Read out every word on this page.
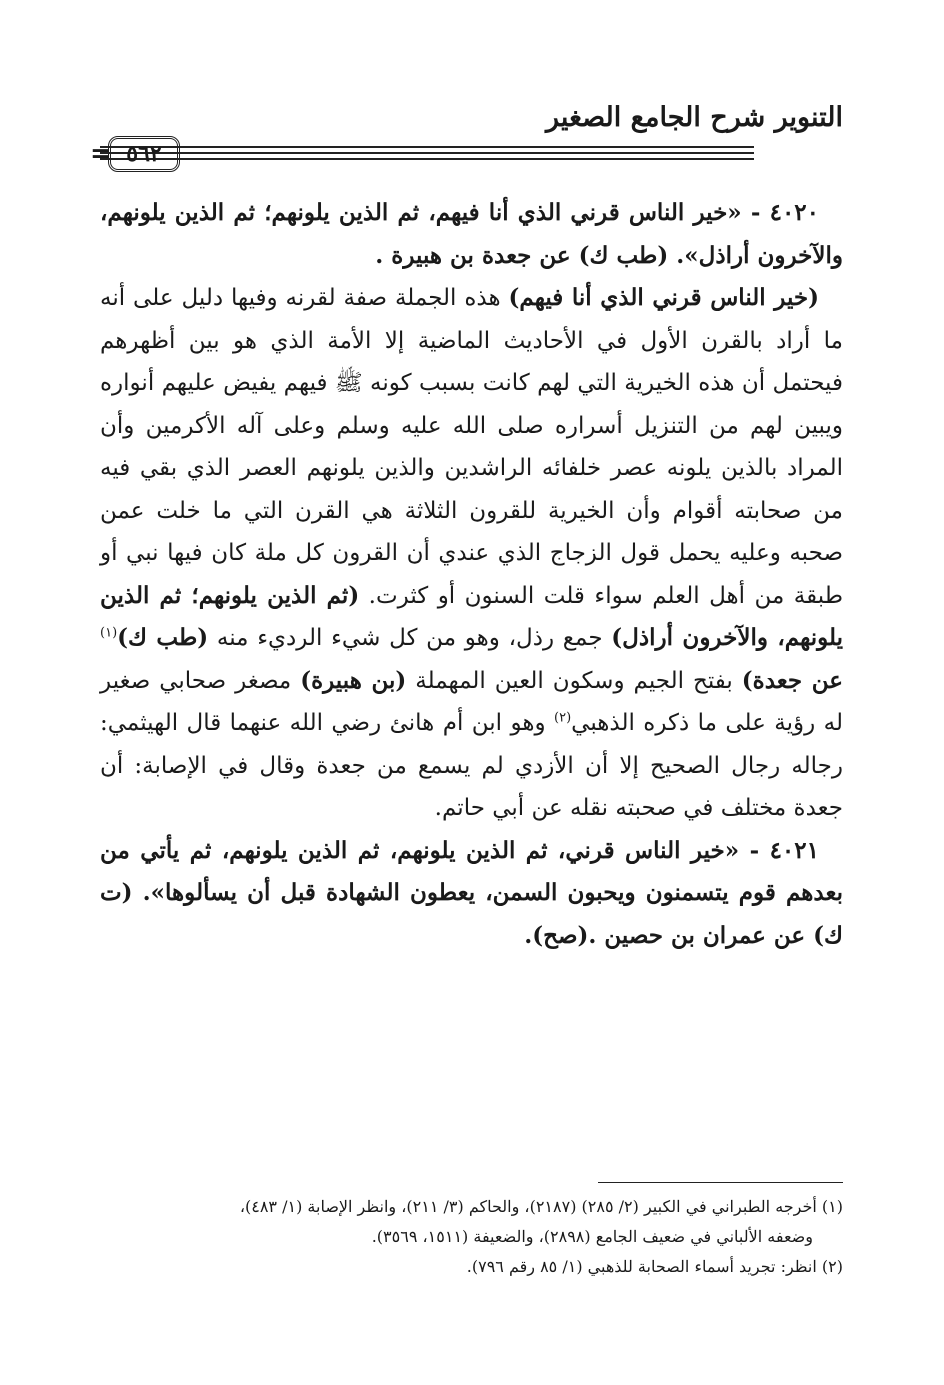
التنوير شرح الجامع الصغير
٥٦٢
=

٤٠٢٠ - «خير الناس قرني الذي أنا فيهم، ثم الذين يلونهم؛ ثم الذين يلونهم، والآخرون أراذل». (طب ك) عن جعدة بن هبيرة .

(خير الناس قرني الذي أنا فيهم) هذه الجملة صفة لقرنه وفيها دليل على أنه ما أراد بالقرن الأول في الأحاديث الماضية إلا الأمة الذي هو بين أظهرهم فيحتمل أن هذه الخيرية التي لهم كانت بسبب كونه ﷺ فيهم يفيض عليهم أنواره ويبين لهم من التنزيل أسراره صلى الله عليه وسلم وعلى آله الأكرمين وأن المراد بالذين يلونه عصر خلفائه الراشدين والذين يلونهم العصر الذي بقي فيه من صحابته أقوام وأن الخيرية للقرون الثلاثة هي القرن التي ما خلت عمن صحبه وعليه يحمل قول الزجاج الذي عندي أن القرون كل ملة كان فيها نبي أو طبقة من أهل العلم سواء قلت السنون أو كثرت. (ثم الذين يلونهم؛ ثم الذين يلونهم، والآخرون أراذل) جمع رذل، وهو من كل شيء الرديء منه (طب ك)$^{(١)}$ عن جعدة) بفتح الجيم وسكون العين المهملة (بن هبيرة) مصغر صحابي صغير له رؤية على ما ذكره الذهبي$^{(٢)}$ وهو ابن أم هانئ رضي الله عنهما قال الهيثمي: رجاله رجال الصحيح إلا أن الأزدي لم يسمع من جعدة وقال في الإصابة: أن جعدة مختلف في صحبته نقله عن أبي حاتم.

٤٠٢١ - «خير الناس قرني، ثم الذين يلونهم، ثم الذين يلونهم، ثم يأتي من بعدهم قوم يتسمنون ويحبون السمن، يعطون الشهادة قبل أن يسألوها». (ت ك) عن عمران بن حصين .(صح).

(١) أخرجه الطبراني في الكبير (٢/ ٢٨٥) (٢١٨٧)، والحاكم (٣/ ٢١١)، وانظر الإصابة (١/ ٤٨٣)،

وضعفه الألباني في ضعيف الجامع (٢٨٩٨)، والضعيفة (١٥١١، ٣٥٦٩).

(٢) انظر: تجريد أسماء الصحابة للذهبي (١/ ٨٥ رقم ٧٩٦).
